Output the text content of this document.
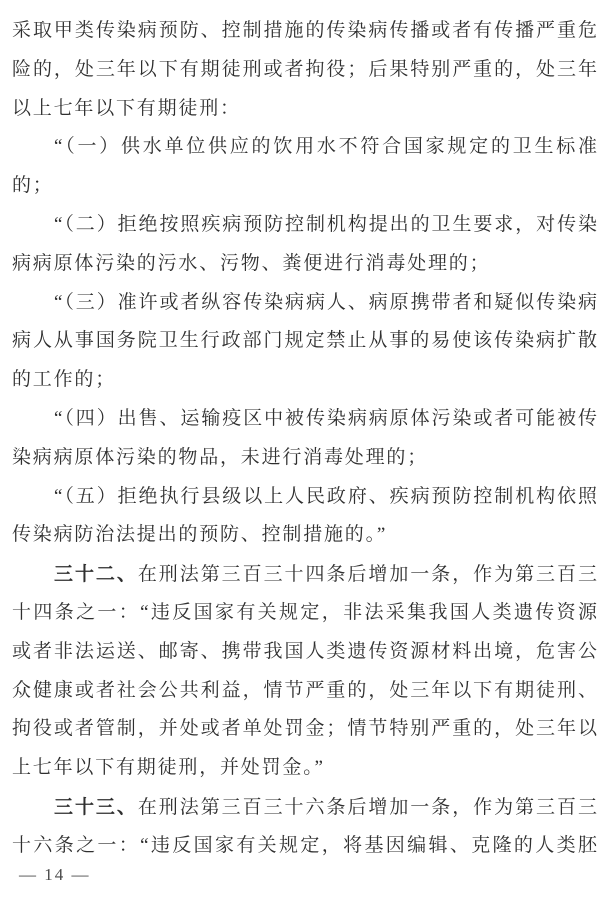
采取甲类传染病预防、控制措施的传染病传播或者有传播严重危
险的，处三年以下有期徒刑或者拘役；后果特别严重的，处三年
以上七年以下有期徒刑：
“（一）供水单位供应的饮用水不符合国家规定的卫生标准
的；
“（二）拒绝按照疾病预防控制机构提出的卫生要求，对传染
病病原体污染的污水、污物、粪便进行消毒处理的；
“（三）准许或者纵容传染病病人、病原携带者和疑似传染病
病人从事国务院卫生行政部门规定禁止从事的易使该传染病扩散
的工作的；
“（四）出售、运输疫区中被传染病病原体污染或者可能被传
染病病原体污染的物品，未进行消毒处理的；
“（五）拒绝执行县级以上人民政府、疾病预防控制机构依照
传染病防治法提出的预防、控制措施的。”
三十二、在刑法第三百三十四条后增加一条，作为第三百三
十四条之一：“违反国家有关规定，非法采集我国人类遗传资源
或者非法运送、邮寄、携带我国人类遗传资源材料出境，危害公
众健康或者社会公共利益，情节严重的，处三年以下有期徒刑、
拘役或者管制，并处或者单处罚金；情节特别严重的，处三年以
上七年以下有期徒刑，并处罚金。”
三十三、在刑法第三百三十六条后增加一条，作为第三百三
十六条之一：“违反国家有关规定，将基因编辑、克隆的人类胚
— 14 —
